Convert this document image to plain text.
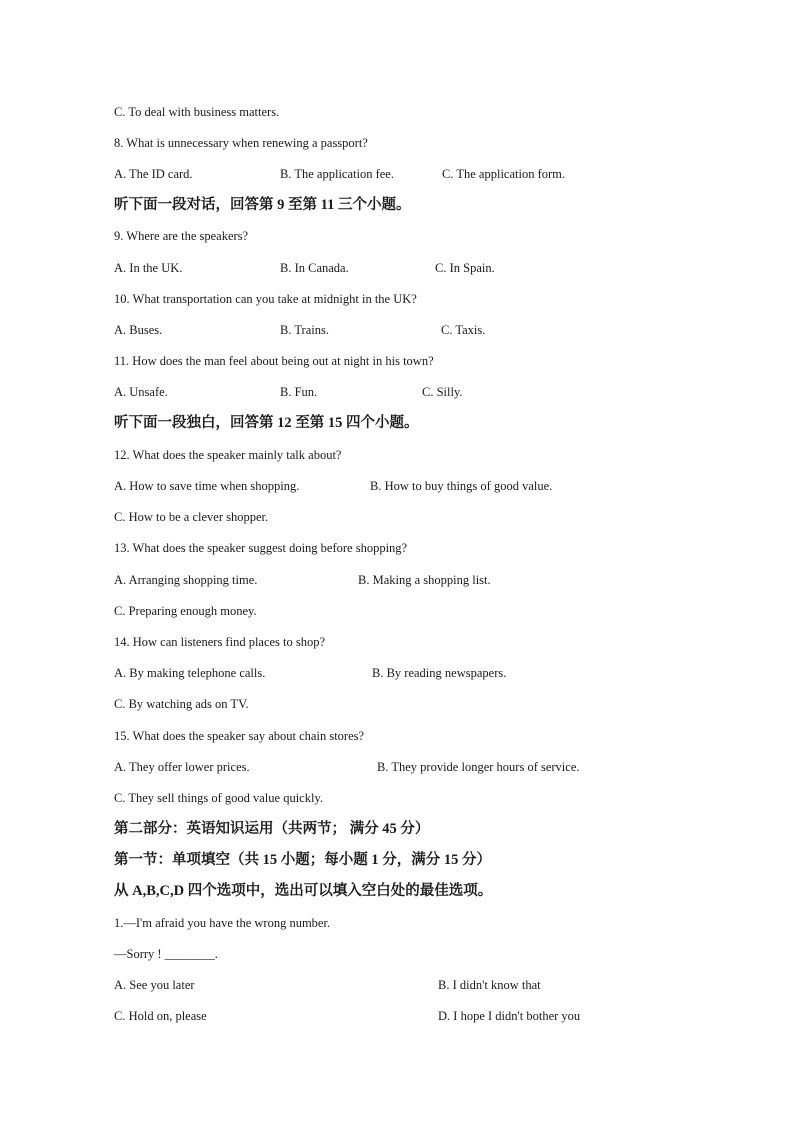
C. To deal with business matters.
8. What is unnecessary when renewing a passport?
A. The ID card.	B. The application fee.	C. The application form.
听下面一段对话，回答第 9 至第 11 三个小题。
9. Where are the speakers?
A. In the UK.	B. In Canada.	C. In Spain.
10. What transportation can you take at midnight in the UK?
A. Buses.	B. Trains.	C. Taxis.
11. How does the man feel about being out at night in his town?
A. Unsafe.	B. Fun.	C. Silly.
听下面一段独白，回答第 12 至第 15 四个小题。
12. What does the speaker mainly talk about?
A. How to save time when shopping.	B. How to buy things of good value.
C. How to be a clever shopper.
13. What does the speaker suggest doing before shopping?
A. Arranging shopping time.	B. Making a shopping list.
C. Preparing enough money.
14. How can listeners find places to shop?
A. By making telephone calls.	B. By reading newspapers.
C. By watching ads on TV.
15. What does the speaker say about chain stores?
A. They offer lower prices.	B. They provide longer hours of service.
C. They sell things of good value quickly.
第二部分：英语知识运用（共两节； 满分 45 分）
第一节：单项填空（共 15 小题；每小题 1 分，满分 15 分）
从 A,B,C,D 四个选项中，选出可以填入空白处的最佳选项。
1.—I'm afraid you have the wrong number.
—Sorry ! ________.
A. See you later	B. I didn't know that
C. Hold on, please	D. I hope I didn't bother you
